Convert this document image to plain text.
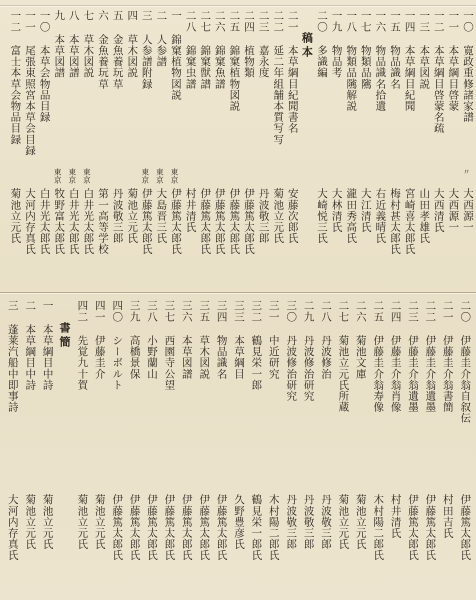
一〇 寛政重修諸家譜
〃
大西源一
一一 本草綱目啓蒙
大西源一
一二 本草綱目啓蒙名疏
大西清氏
一三 本草図説
山田孝雄氏
一四 本草綱目紀聞
宮崎喜太郎氏
一五 物品識名
梅村甚太郎氏
一六 物品識名拾遺
右近義晴氏
一七 物類品隲
大江清氏
一八 物類品隲解説
瀧田秀高氏
一九 物品考
大林清氏
二〇 多識編
大崎悦三氏
稿本
二一 本草綱目紀聞書名
安藤次郎氏
二二 延二年組舗本質写写
菊池立元氏
二三 嘉永度
丹波敬三郎
二四 植物類
伊藤篤太郎氏
二五 錦窠植物図説
伊藤篤太郎氏
二六 錦窠魚譜
伊藤篤太郎氏
二七 錦窠獣譜
伊藤篤太郎氏
二八 錦窠虫譜
村井清氏
一 錦窠植物図説
東京
伊藤篤太郎氏
二 人参譜
東京
大島晋三氏
三 人参譜附録
東京
伊藤篤太郎氏
四 草木図説
菊池立元氏
五 金魚養玩草
丹波敬三郎
六 金魚養玩草
第一高等学校
七 草木図説
東京
白井光太郎氏
八 本草図譜
東京
白井光太郎氏
九 本草図譜
東京
牧野富太郎氏
一〇 本草会物品目録
白井光太郎氏
一一 尾張東照宮本草会目録
大河内存真氏
一二 富士本草会物品目録
菊池立元氏
二〇 伊藤圭介翁自叙伝
伊藤篤太郎氏
二一 伊藤圭介翁書簡
村田吉氏
二二 伊藤圭介翁遺墨
伊藤篤太郎氏
二三 伊藤圭介翁遺墨
伊藤篤太郎氏
二四 伊藤圭介翁肖像
村井清氏
二五 伊藤圭介翁寿像
木村陽二郎氏
二六 菊池文庫
菊池立元氏
二七 菊池立元氏所蔵
菊池立元氏
二八 丹波修治
丹波敬三郎
二九 丹波修治研究
丹波敬三郎
三〇 丹波修治研究
丹波敬三郎
三一 中近研究
木村陽二郎氏
三二 鶴見栄一郎
鶴見栄一郎氏
三三 本草綱目
久野豊彦氏
三四 物品識名
伊藤篤太郎氏
三五 草木図説
伊藤篤太郎氏
三六 本草図譜
伊藤篤太郎氏
三七 西園寺公望
伊藤篤太郎氏
三八 小野蘭山
伊藤篤太郎氏
三九 高橋景保
伊藤篤太郎氏
四〇 シーボルト
伊藤篤太郎氏
四一 伊藤圭介
菊池立元氏
四二 先覚九十賀
菊池立元氏
書簡
一 本草綱目中詩
菊池立元氏
二 本草綱目中詩
菊池立元氏
三 蓬莱汽船中即事詩
大河内存真氏
